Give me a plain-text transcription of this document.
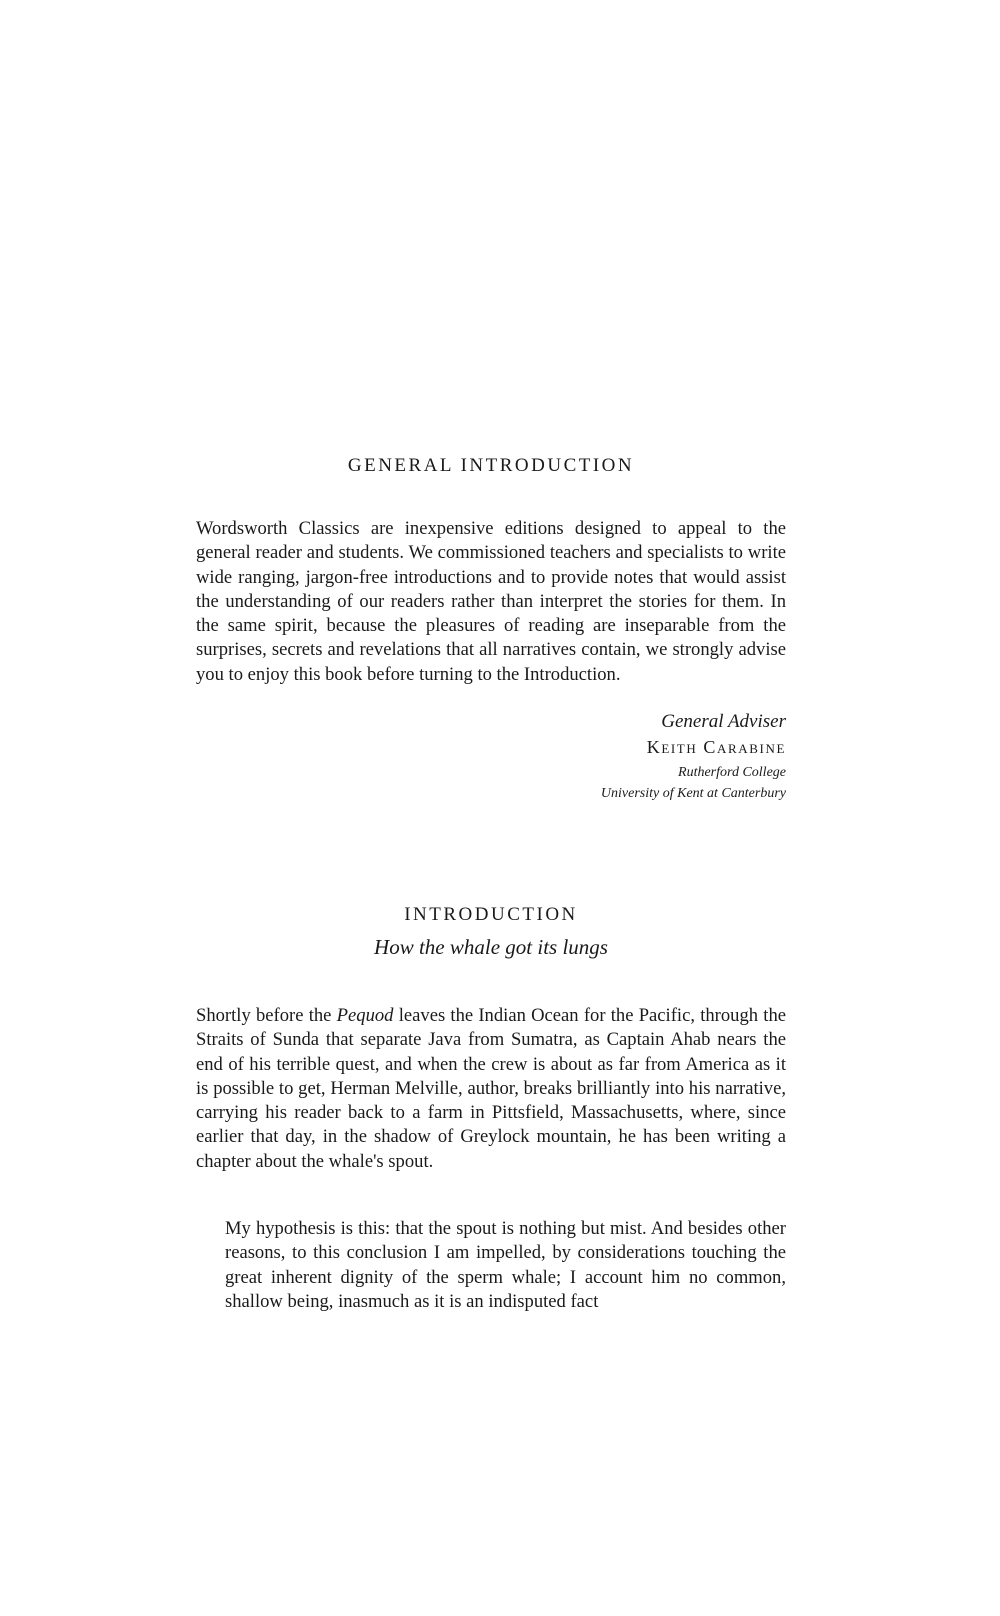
GENERAL INTRODUCTION

Wordsworth Classics are inexpensive editions designed to appeal to the general reader and students. We commissioned teachers and specialists to write wide ranging, jargon-free introductions and to provide notes that would assist the understanding of our readers rather than interpret the stories for them. In the same spirit, because the pleasures of reading are inseparable from the surprises, secrets and revelations that all narratives contain, we strongly advise you to enjoy this book before turning to the Introduction.

General Adviser

Keith Carabine

Rutherford College

University of Kent at Canterbury

INTRODUCTION

How the whale got its lungs

Shortly before the Pequod leaves the Indian Ocean for the Pacific, through the Straits of Sunda that separate Java from Sumatra, as Captain Ahab nears the end of his terrible quest, and when the crew is about as far from America as it is possible to get, Herman Melville, author, breaks brilliantly into his narrative, carrying his reader back to a farm in Pittsfield, Massachusetts, where, since earlier that day, in the shadow of Greylock mountain, he has been writing a chapter about the whale's spout.

My hypothesis is this: that the spout is nothing but mist. And besides other reasons, to this conclusion I am impelled, by considerations touching the great inherent dignity of the sperm whale; I account him no common, shallow being, inasmuch as it is an indisputed fact
